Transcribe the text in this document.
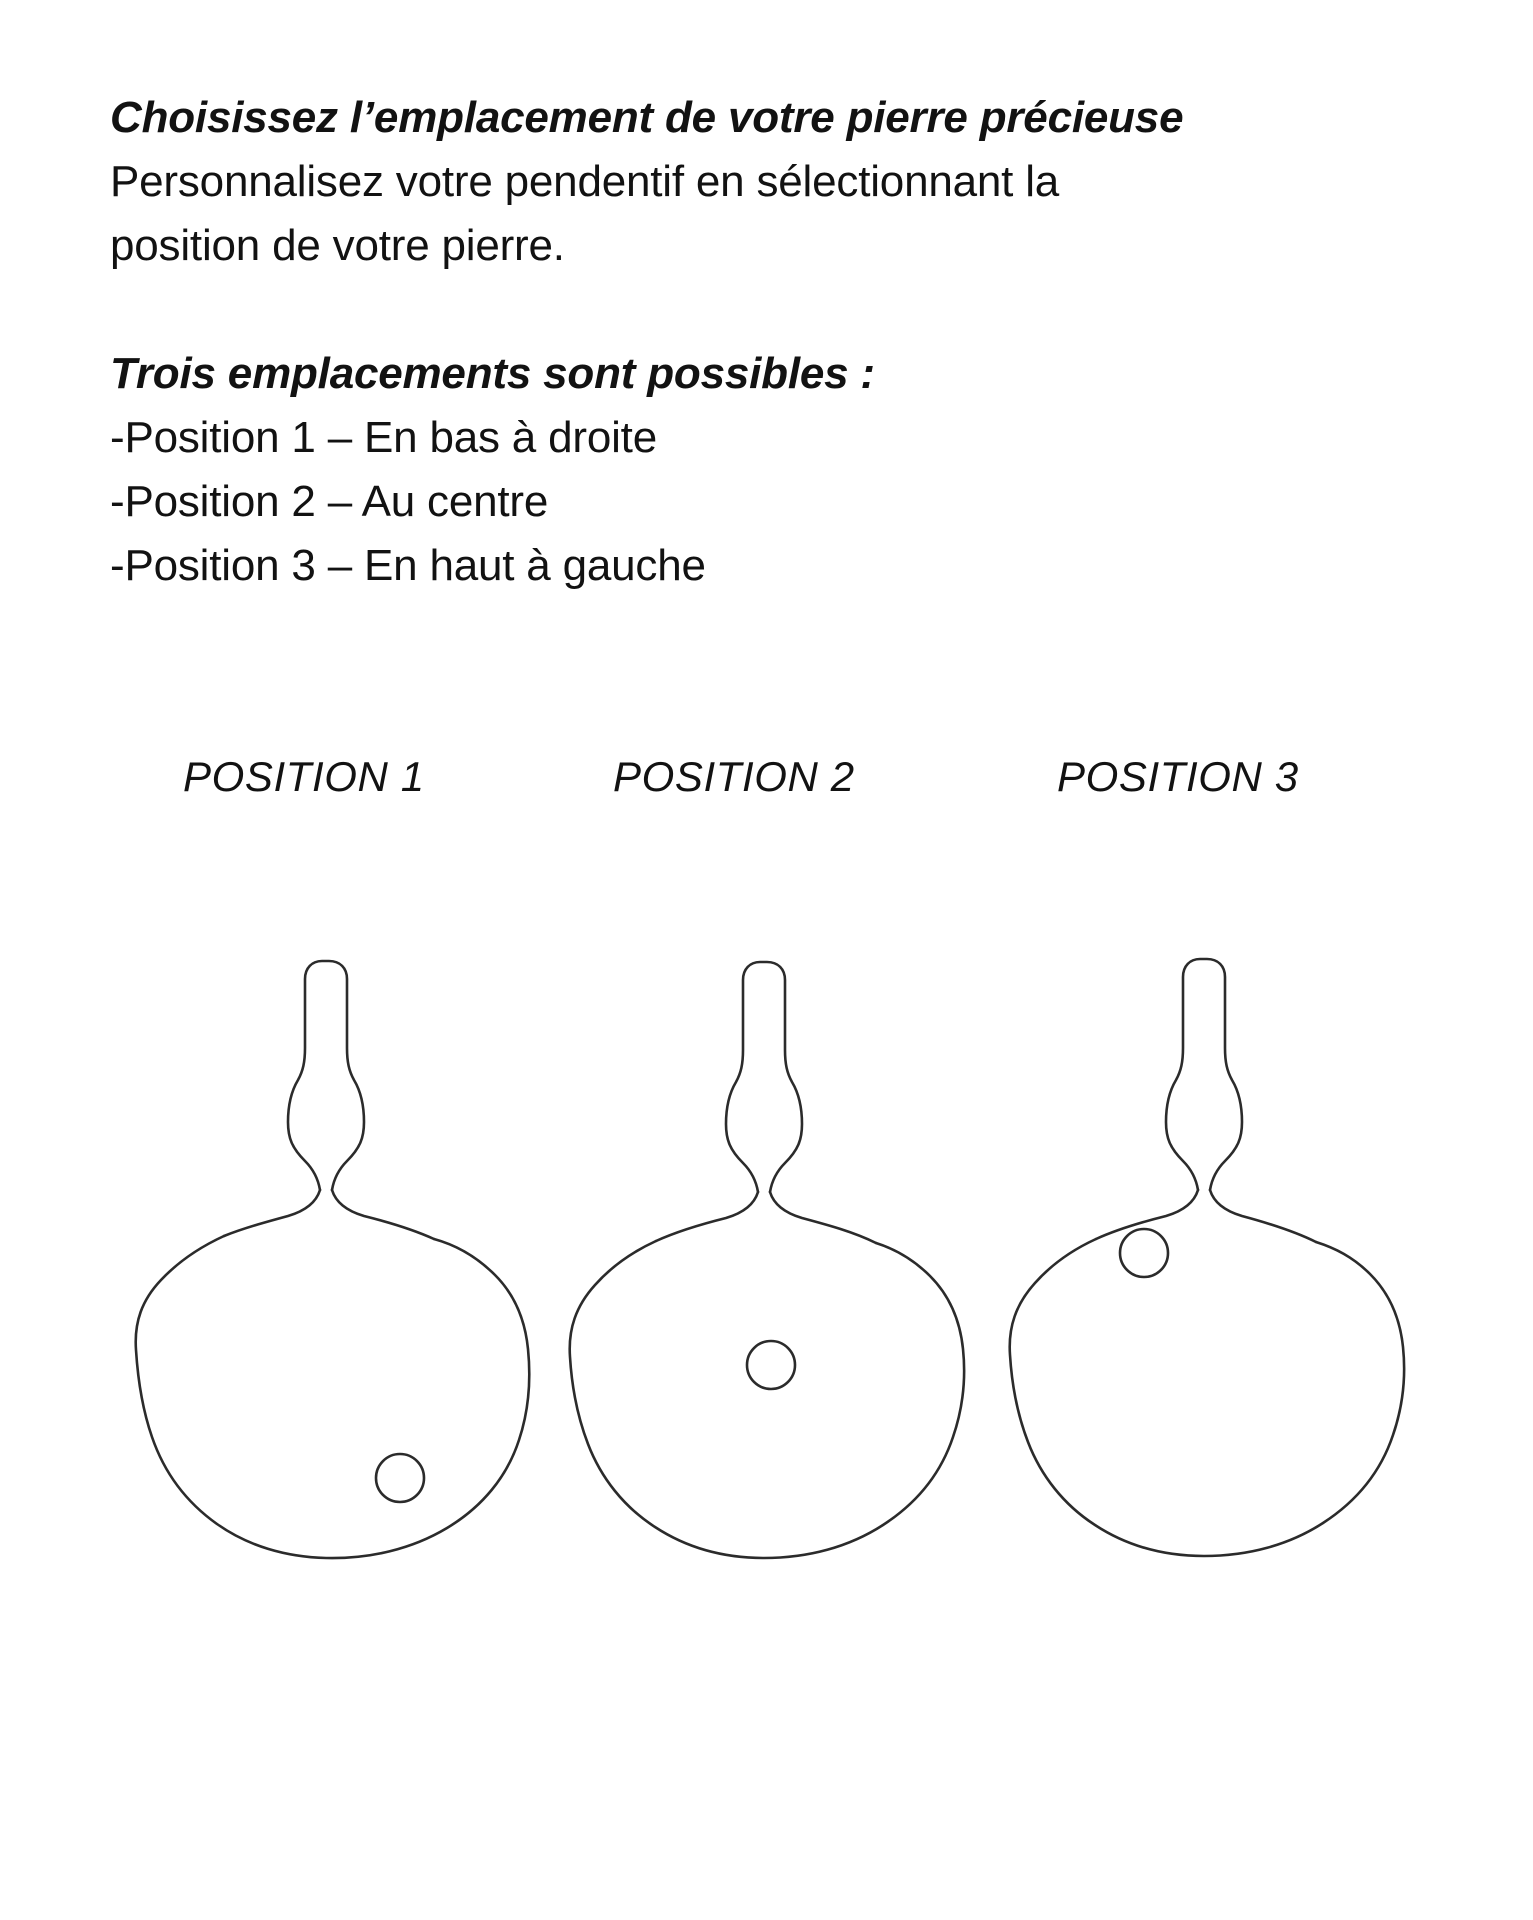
Choisissez l’emplacement de votre pierre précieuse

Personnalisez votre pendentif en sélectionnant la

position de votre pierre.

Trois emplacements sont possibles :

-Position 1 – En bas à droite
-Position 2 – Au centre
-Position 3 – En haut à gauche
POSITION 1	POSITION 2	POSITION 3
